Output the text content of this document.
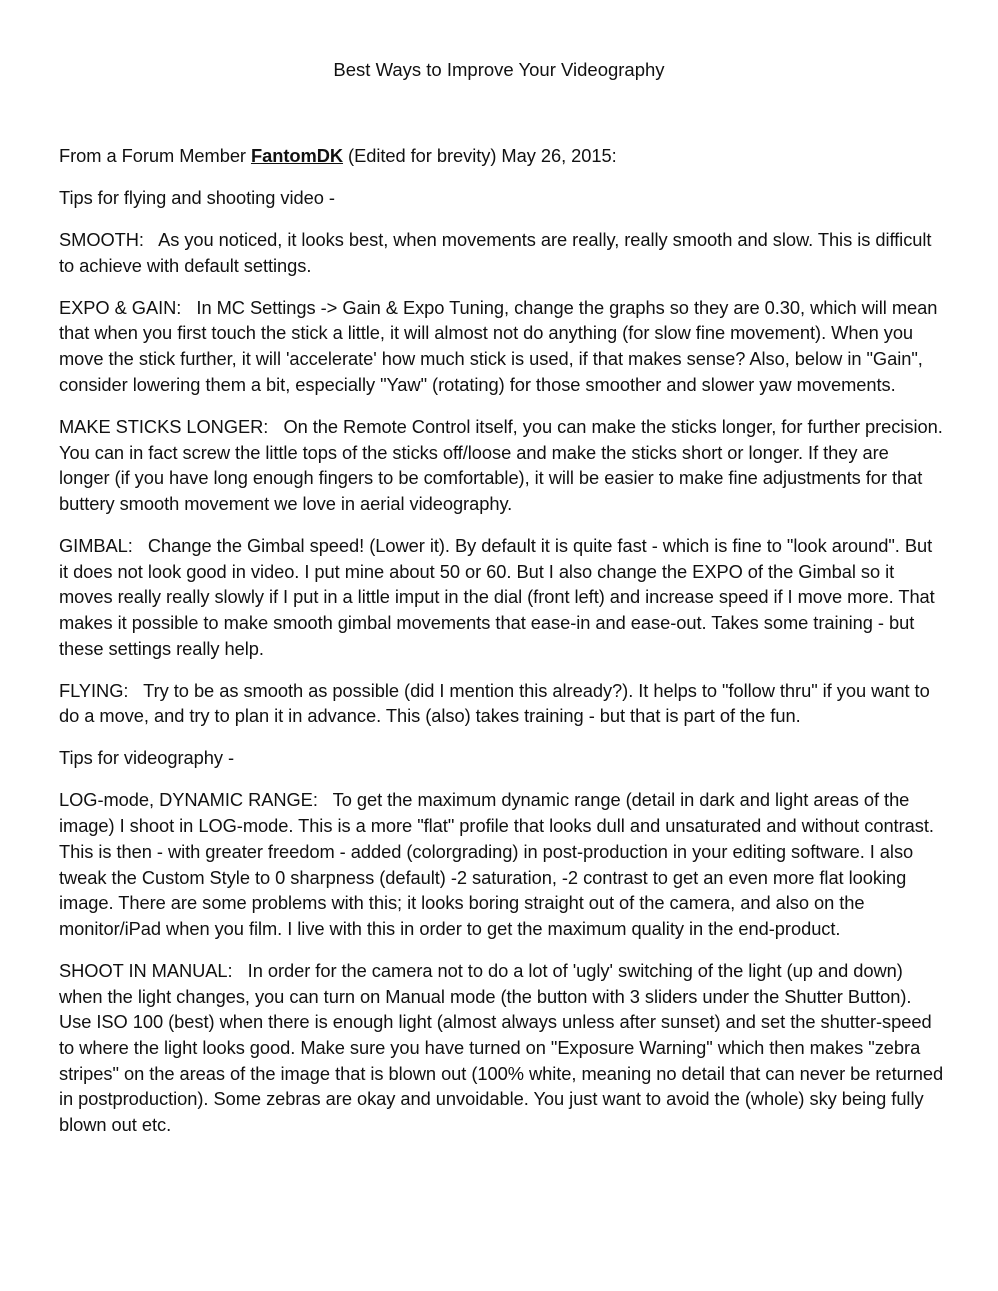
Best Ways to Improve Your Videography

From a Forum Member FantomDK (Edited for brevity) May 26, 2015:

Tips for flying and shooting video -

SMOOTH: As you noticed, it looks best, when movements are really, really smooth and slow. This is difficult to achieve with default settings.

EXPO & GAIN: In MC Settings -> Gain & Expo Tuning, change the graphs so they are 0.30, which will mean that when you first touch the stick a little, it will almost not do anything (for slow fine movement). When you move the stick further, it will 'accelerate' how much stick is used, if that makes sense? Also, below in "Gain", consider lowering them a bit, especially "Yaw" (rotating) for those smoother and slower yaw movements.

MAKE STICKS LONGER: On the Remote Control itself, you can make the sticks longer, for further precision. You can in fact screw the little tops of the sticks off/loose and make the sticks short or longer. If they are longer (if you have long enough fingers to be comfortable), it will be easier to make fine adjustments for that buttery smooth movement we love in aerial videography.

GIMBAL: Change the Gimbal speed! (Lower it). By default it is quite fast - which is fine to "look around". But it does not look good in video. I put mine about 50 or 60. But I also change the EXPO of the Gimbal so it moves really really slowly if I put in a little imput in the dial (front left) and increase speed if I move more. That makes it possible to make smooth gimbal movements that ease-in and ease-out. Takes some training - but these settings really help.

FLYING: Try to be as smooth as possible (did I mention this already?). It helps to "follow thru" if you want to do a move, and try to plan it in advance. This (also) takes training - but that is part of the fun.

Tips for videography -

LOG-mode, DYNAMIC RANGE: To get the maximum dynamic range (detail in dark and light areas of the image) I shoot in LOG-mode. This is a more "flat" profile that looks dull and unsaturated and without contrast. This is then - with greater freedom - added (colorgrading) in post-production in your editing software. I also tweak the Custom Style to 0 sharpness (default) -2 saturation, -2 contrast to get an even more flat looking image. There are some problems with this; it looks boring straight out of the camera, and also on the monitor/iPad when you film. I live with this in order to get the maximum quality in the end-product.

SHOOT IN MANUAL: In order for the camera not to do a lot of 'ugly' switching of the light (up and down) when the light changes, you can turn on Manual mode (the button with 3 sliders under the Shutter Button). Use ISO 100 (best) when there is enough light (almost always unless after sunset) and set the shutter-speed to where the light looks good. Make sure you have turned on "Exposure Warning" which then makes "zebra stripes" on the areas of the image that is blown out (100% white, meaning no detail that can never be returned in postproduction). Some zebras are okay and unvoidable. You just want to avoid the (whole) sky being fully blown out etc.
